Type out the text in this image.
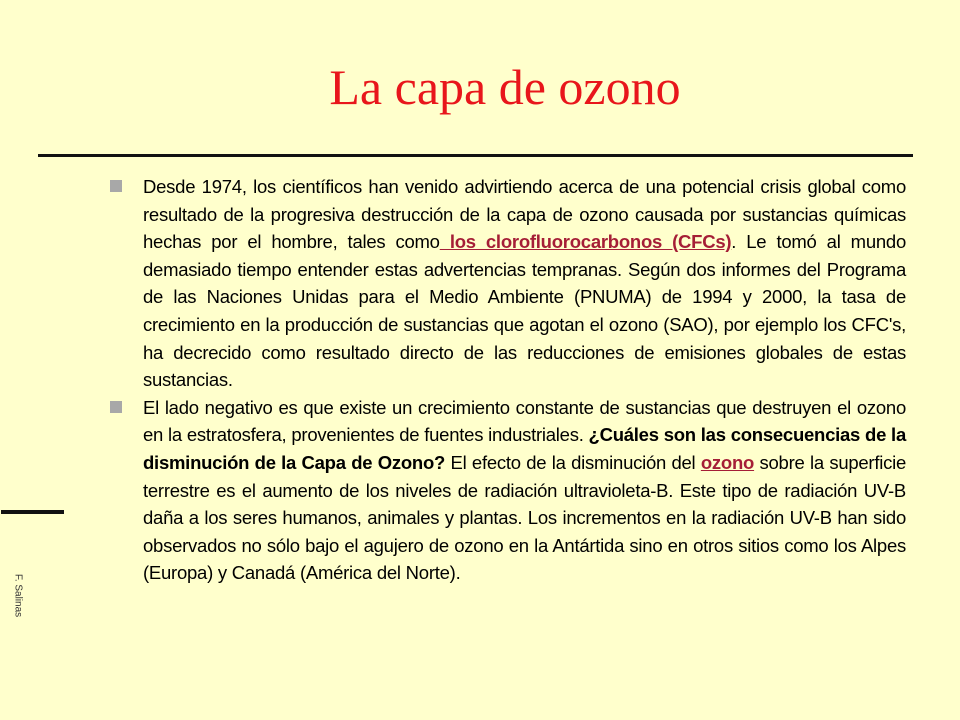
La capa de ozono
F. Salinas
Desde 1974, los científicos han venido advirtiendo acerca de una potencial crisis global como resultado de la progresiva destrucción de la capa de ozono causada por sustancias químicas hechas por el hombre, tales como los clorofluorocarbonos (CFCs). Le tomó al mundo demasiado tiempo entender estas advertencias tempranas. Según dos informes del Programa de las Naciones Unidas para el Medio Ambiente (PNUMA) de 1994 y 2000, la tasa de crecimiento en la producción de sustancias que agotan el ozono (SAO), por ejemplo los CFC's, ha decrecido como resultado directo de las reducciones de emisiones globales de estas sustancias.
El lado negativo es que existe un crecimiento constante de sustancias que destruyen el ozono en la estratosfera, provenientes de fuentes industriales. ¿Cuáles son las consecuencias de la disminución de la Capa de Ozono? El efecto de la disminución del ozono sobre la superficie terrestre es el aumento de los niveles de radiación ultravioleta-B. Este tipo de radiación UV-B daña a los seres humanos, animales y plantas. Los incrementos en la radiación UV-B han sido observados no sólo bajo el agujero de ozono en la Antártida sino en otros sitios como los Alpes (Europa) y Canadá (América del Norte).
